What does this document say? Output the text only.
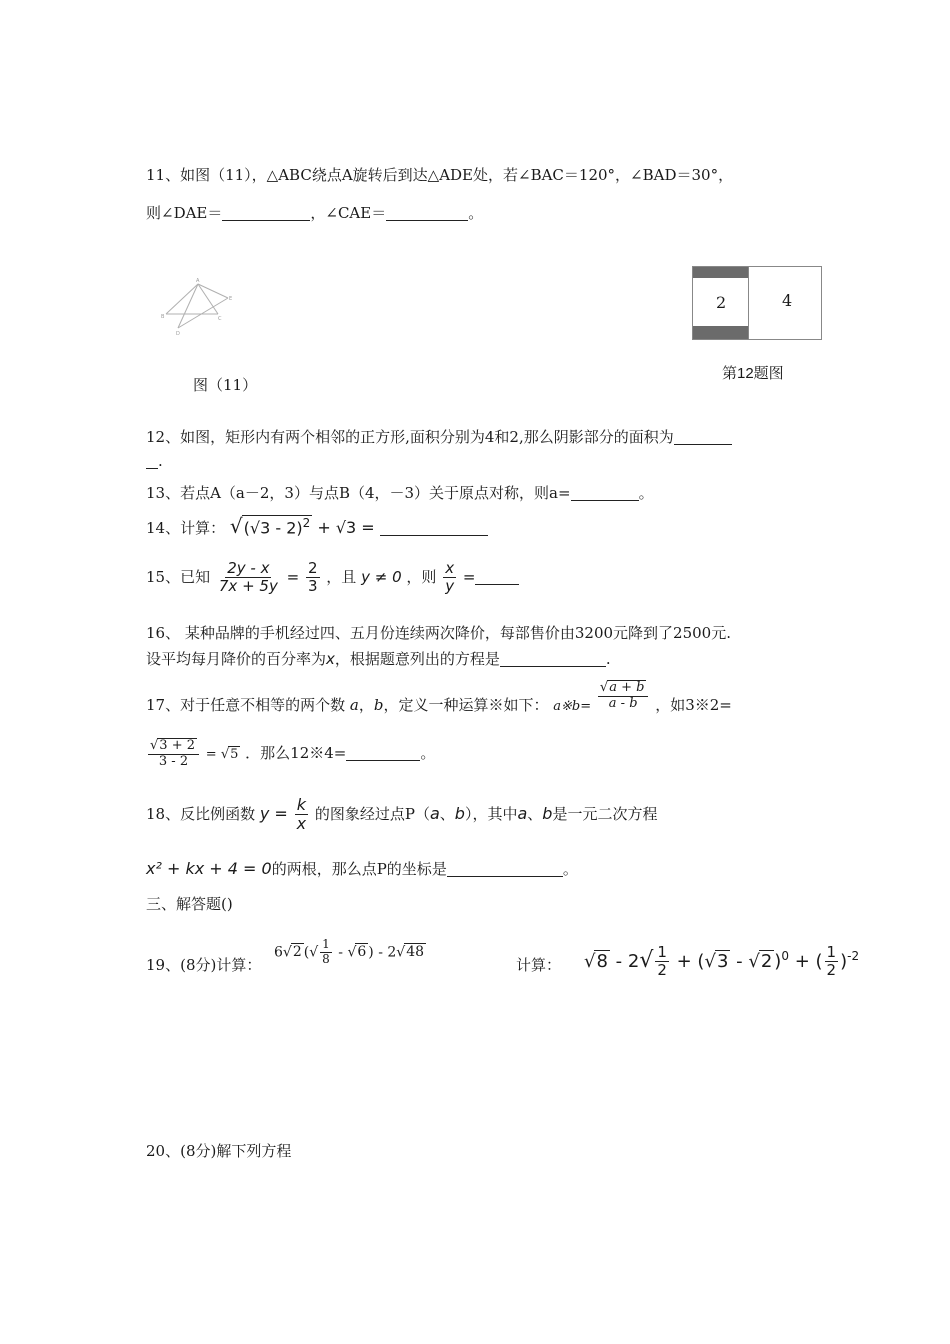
11、如图（11），△ABC绕点A旋转后到达△ADE处，若∠BAC＝120°，∠BAD＝30°，
则∠DAE＝	，∠CAE＝	。
A
B	C
D
E
图（11）
2	4
第12题图
12、如图，矩形内有两个相邻的正方形,面积分别为4和2,那么阴影部分的面积为
.
13、若点A（a－2，3）与点B（4，－3）关于原点对称，则a=	。
14、计算： √(√3 - 2)$^2$ + √3 =
15、已知 $\frac{2y - x}{7x + 5y} = \frac{2}{3}$ ，且 y ≠ 0 ，则 $\frac{x}{y}$ =
16、 某种品牌的手机经过四、五月份连续两次降价，每部售价由3200元降到了2500元.
设平均每月降价的百分率为x，根据题意列出的方程是	.
17、对于任意不相等的两个数 a，b，定义一种运算※如下： a※b= $\frac{√a + b}{a - b}$ ，如3※2=
$\frac{√3 + 2}{3 - 2} = √5$ ．那么12※4=	。
18、反比例函数 $y = \frac{k}{x}$ 的图象经过点P（a、b），其中a、b是一元二次方程
x² + kx + 4 = 0的两根，那么点P的坐标是	。
三、解答题()
19、(8分)计算：
6√2 (√ $\frac{1}{8} - √6$ ) - 2√48
计算： $√8 - 2√ \frac{1}{2} + (√3 - √2$ )$^0$ + ( $\frac{1}{2} )^{-2}$
20、(8分)解下列方程
